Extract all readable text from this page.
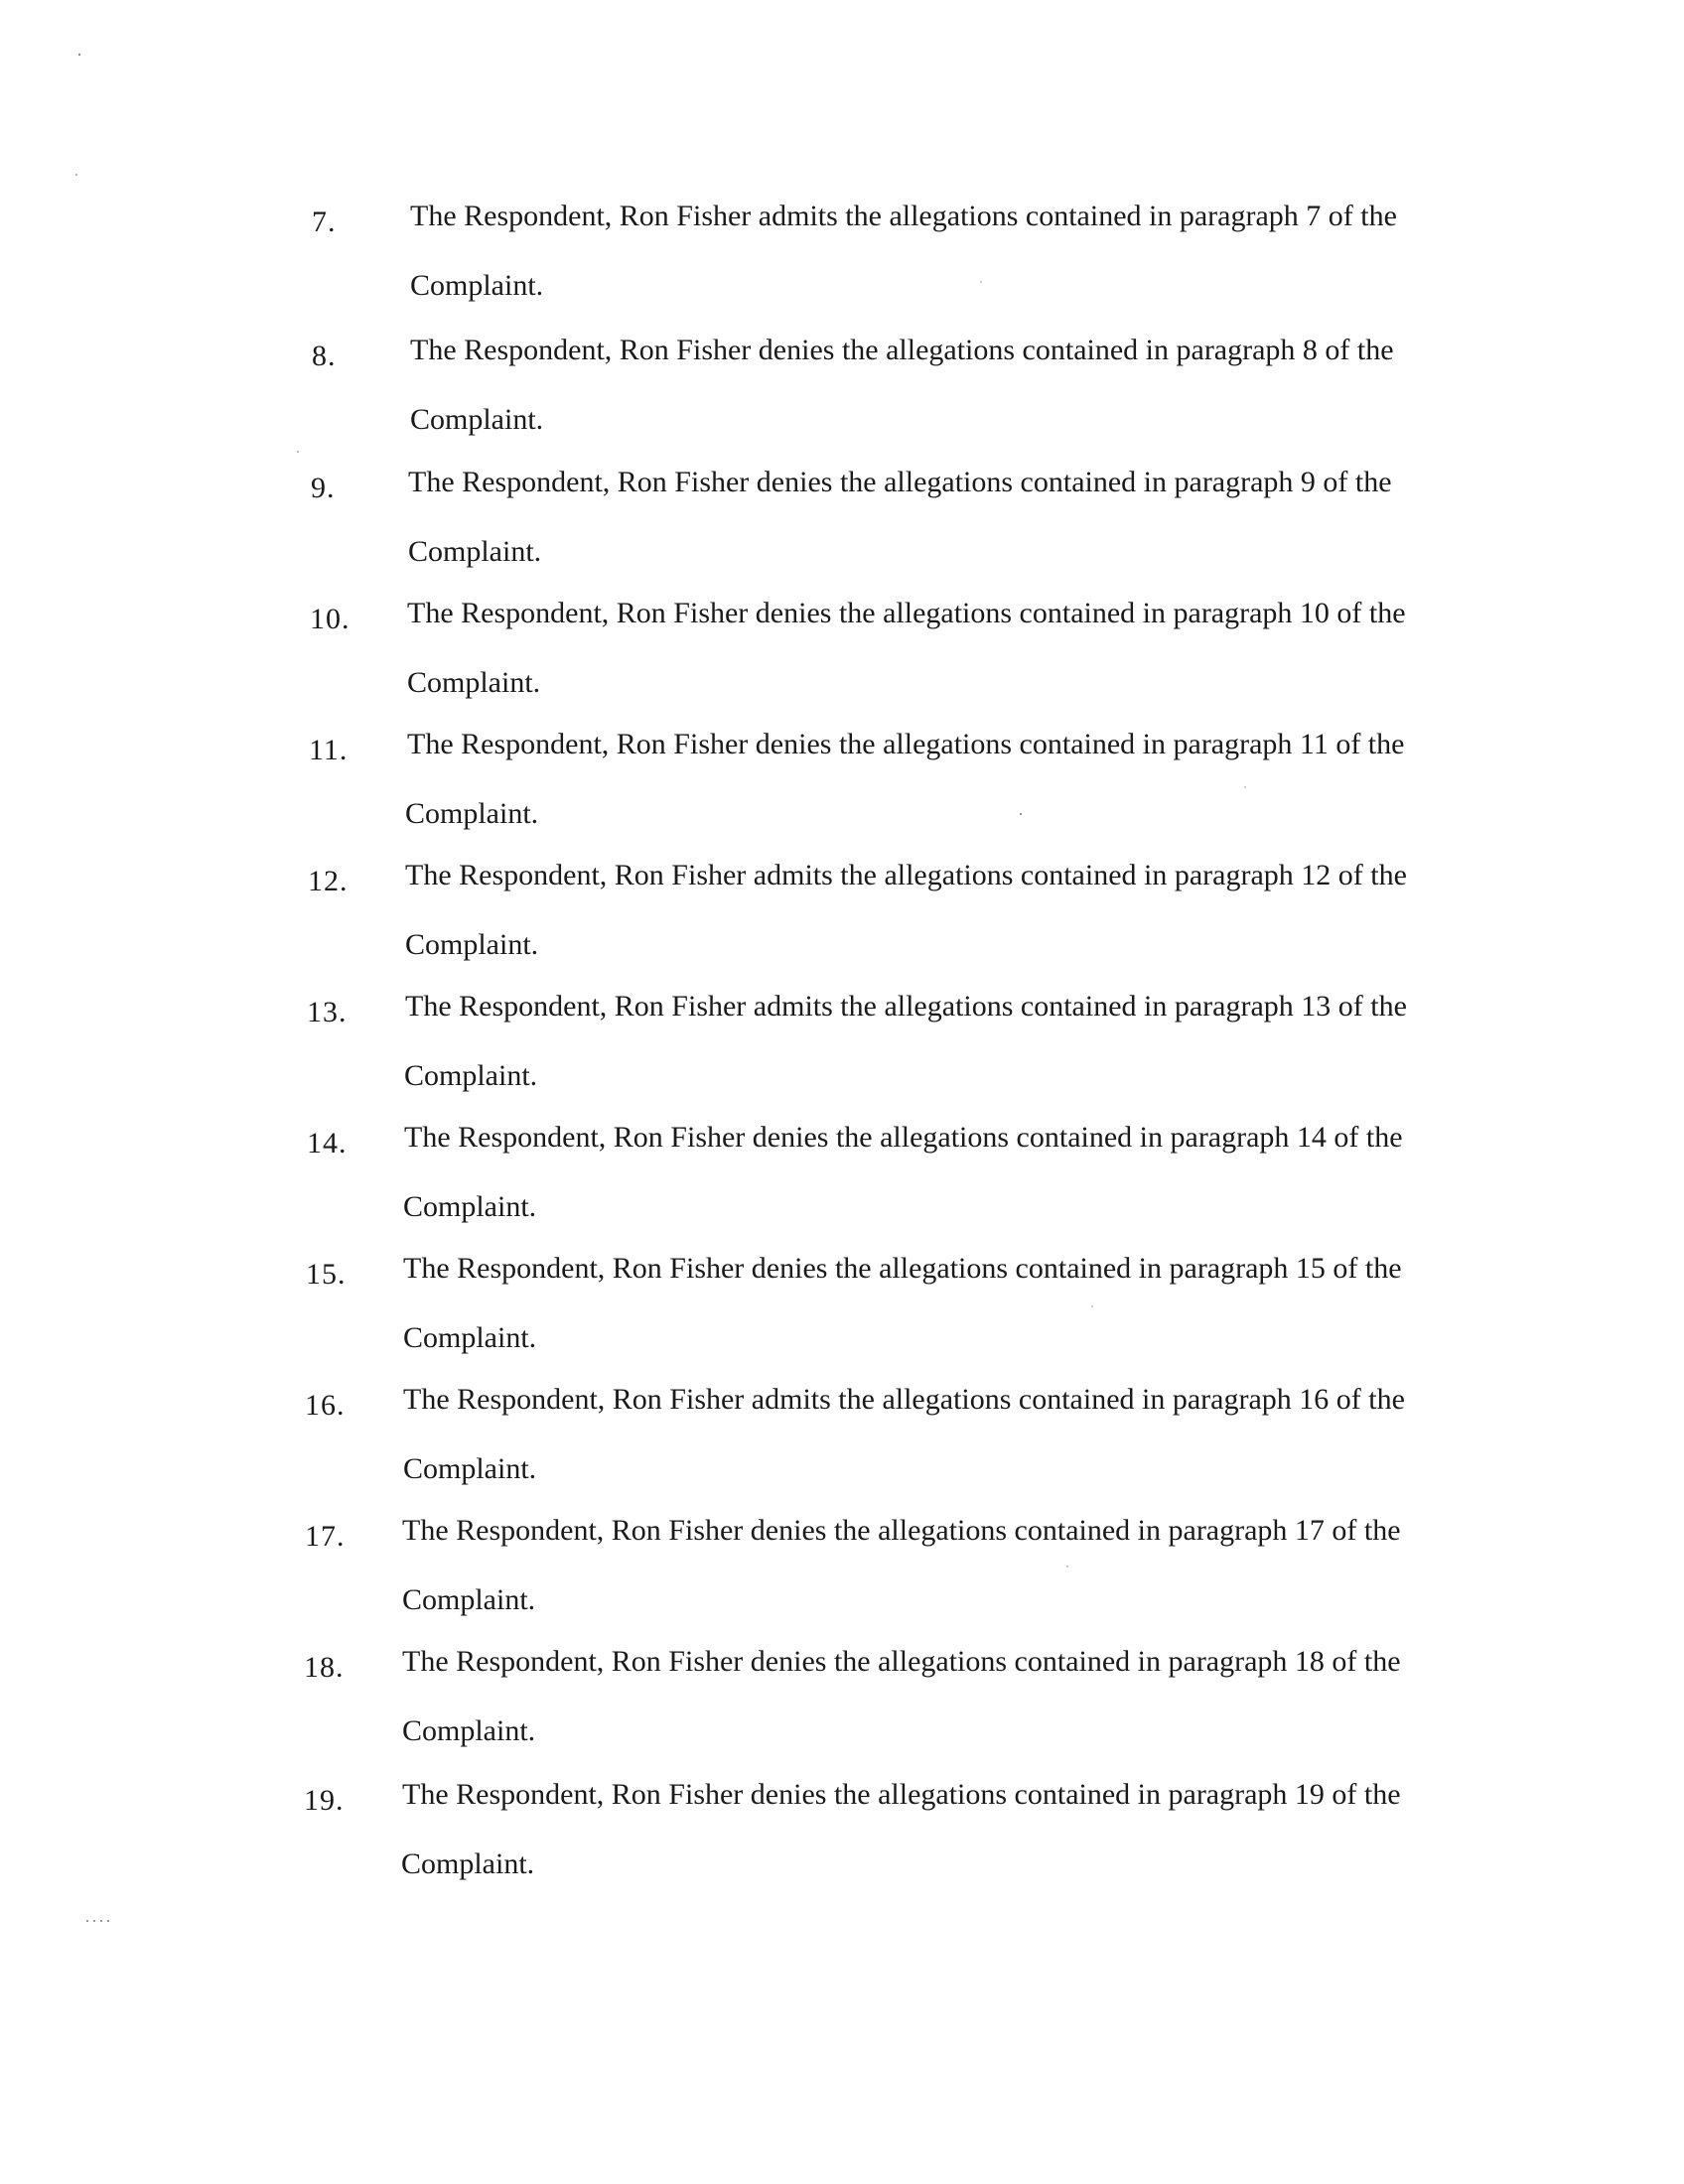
7. The Respondent, Ron Fisher admits the allegations contained in paragraph 7 of the
Complaint.
8. The Respondent, Ron Fisher denies the allegations contained in paragraph 8 of the
Complaint.
9. The Respondent, Ron Fisher denies the allegations contained in paragraph 9 of the
Complaint.
10. The Respondent, Ron Fisher denies the allegations contained in paragraph 10 of the
Complaint.
11. The Respondent, Ron Fisher denies the allegations contained in paragraph 11 of the
Complaint.
12. The Respondent, Ron Fisher admits the allegations contained in paragraph 12 of the
Complaint.
13. The Respondent, Ron Fisher admits the allegations contained in paragraph 13 of the
Complaint.
14. The Respondent, Ron Fisher denies the allegations contained in paragraph 14 of the
Complaint.
15. The Respondent, Ron Fisher denies the allegations contained in paragraph 15 of the
Complaint.
16. The Respondent, Ron Fisher admits the allegations contained in paragraph 16 of the
Complaint.
17. The Respondent, Ron Fisher denies the allegations contained in paragraph 17 of the
Complaint.
18. The Respondent, Ron Fisher denies the allegations contained in paragraph 18 of the
Complaint.
19. The Respondent, Ron Fisher denies the allegations contained in paragraph 19 of the
Complaint.
